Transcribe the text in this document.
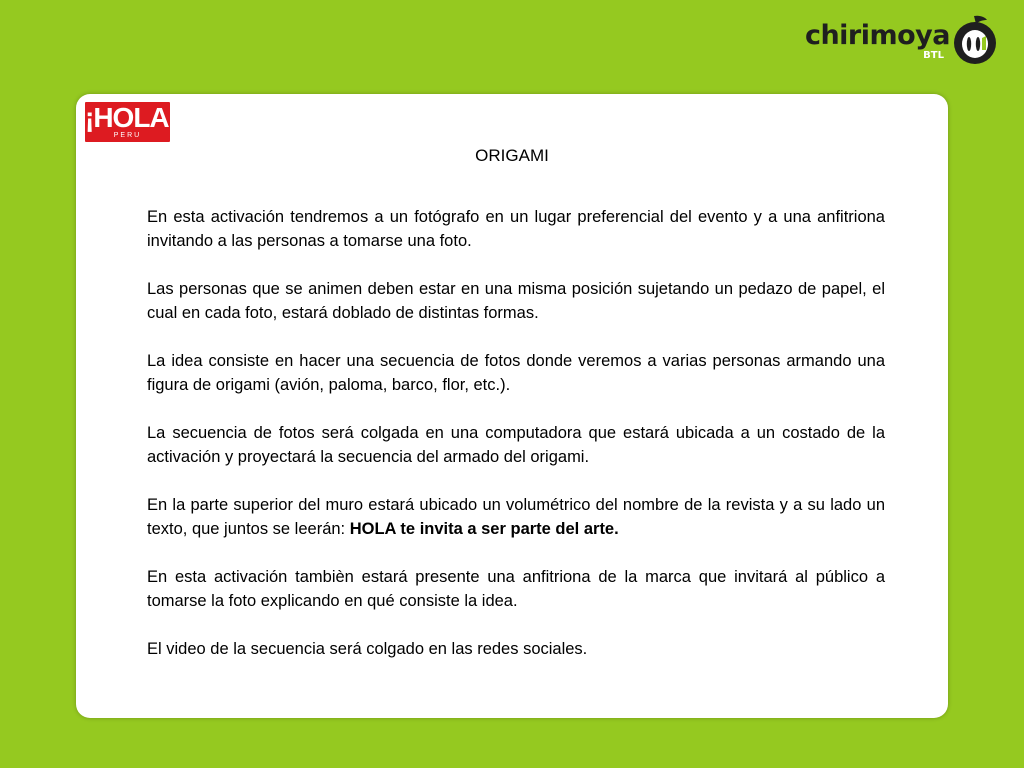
chirimoya
BTL
¡HOLA!
PERU
ORIGAMI

En esta activación tendremos a un fotógrafo en un lugar preferencial del evento y a una anfitriona invitando a las personas a tomarse una foto.

Las personas que se animen deben estar en una misma posición sujetando un pedazo de papel, el cual en cada foto, estará doblado de distintas formas.

La idea consiste en hacer una secuencia de fotos donde veremos a varias personas armando una figura de origami (avión, paloma, barco, flor, etc.).

La secuencia de fotos será colgada en una computadora que estará ubicada a un costado de la activación y proyectará la secuencia del armado del origami.

En la parte superior del muro estará ubicado un volumétrico del nombre de la revista y a su lado un texto, que juntos se leerán: HOLA te invita a ser parte del arte.

En esta activación tambièn estará presente una anfitriona de la marca que invitará al público a tomarse la foto explicando en qué consiste la idea.

El video de la secuencia será colgado en las redes sociales.
